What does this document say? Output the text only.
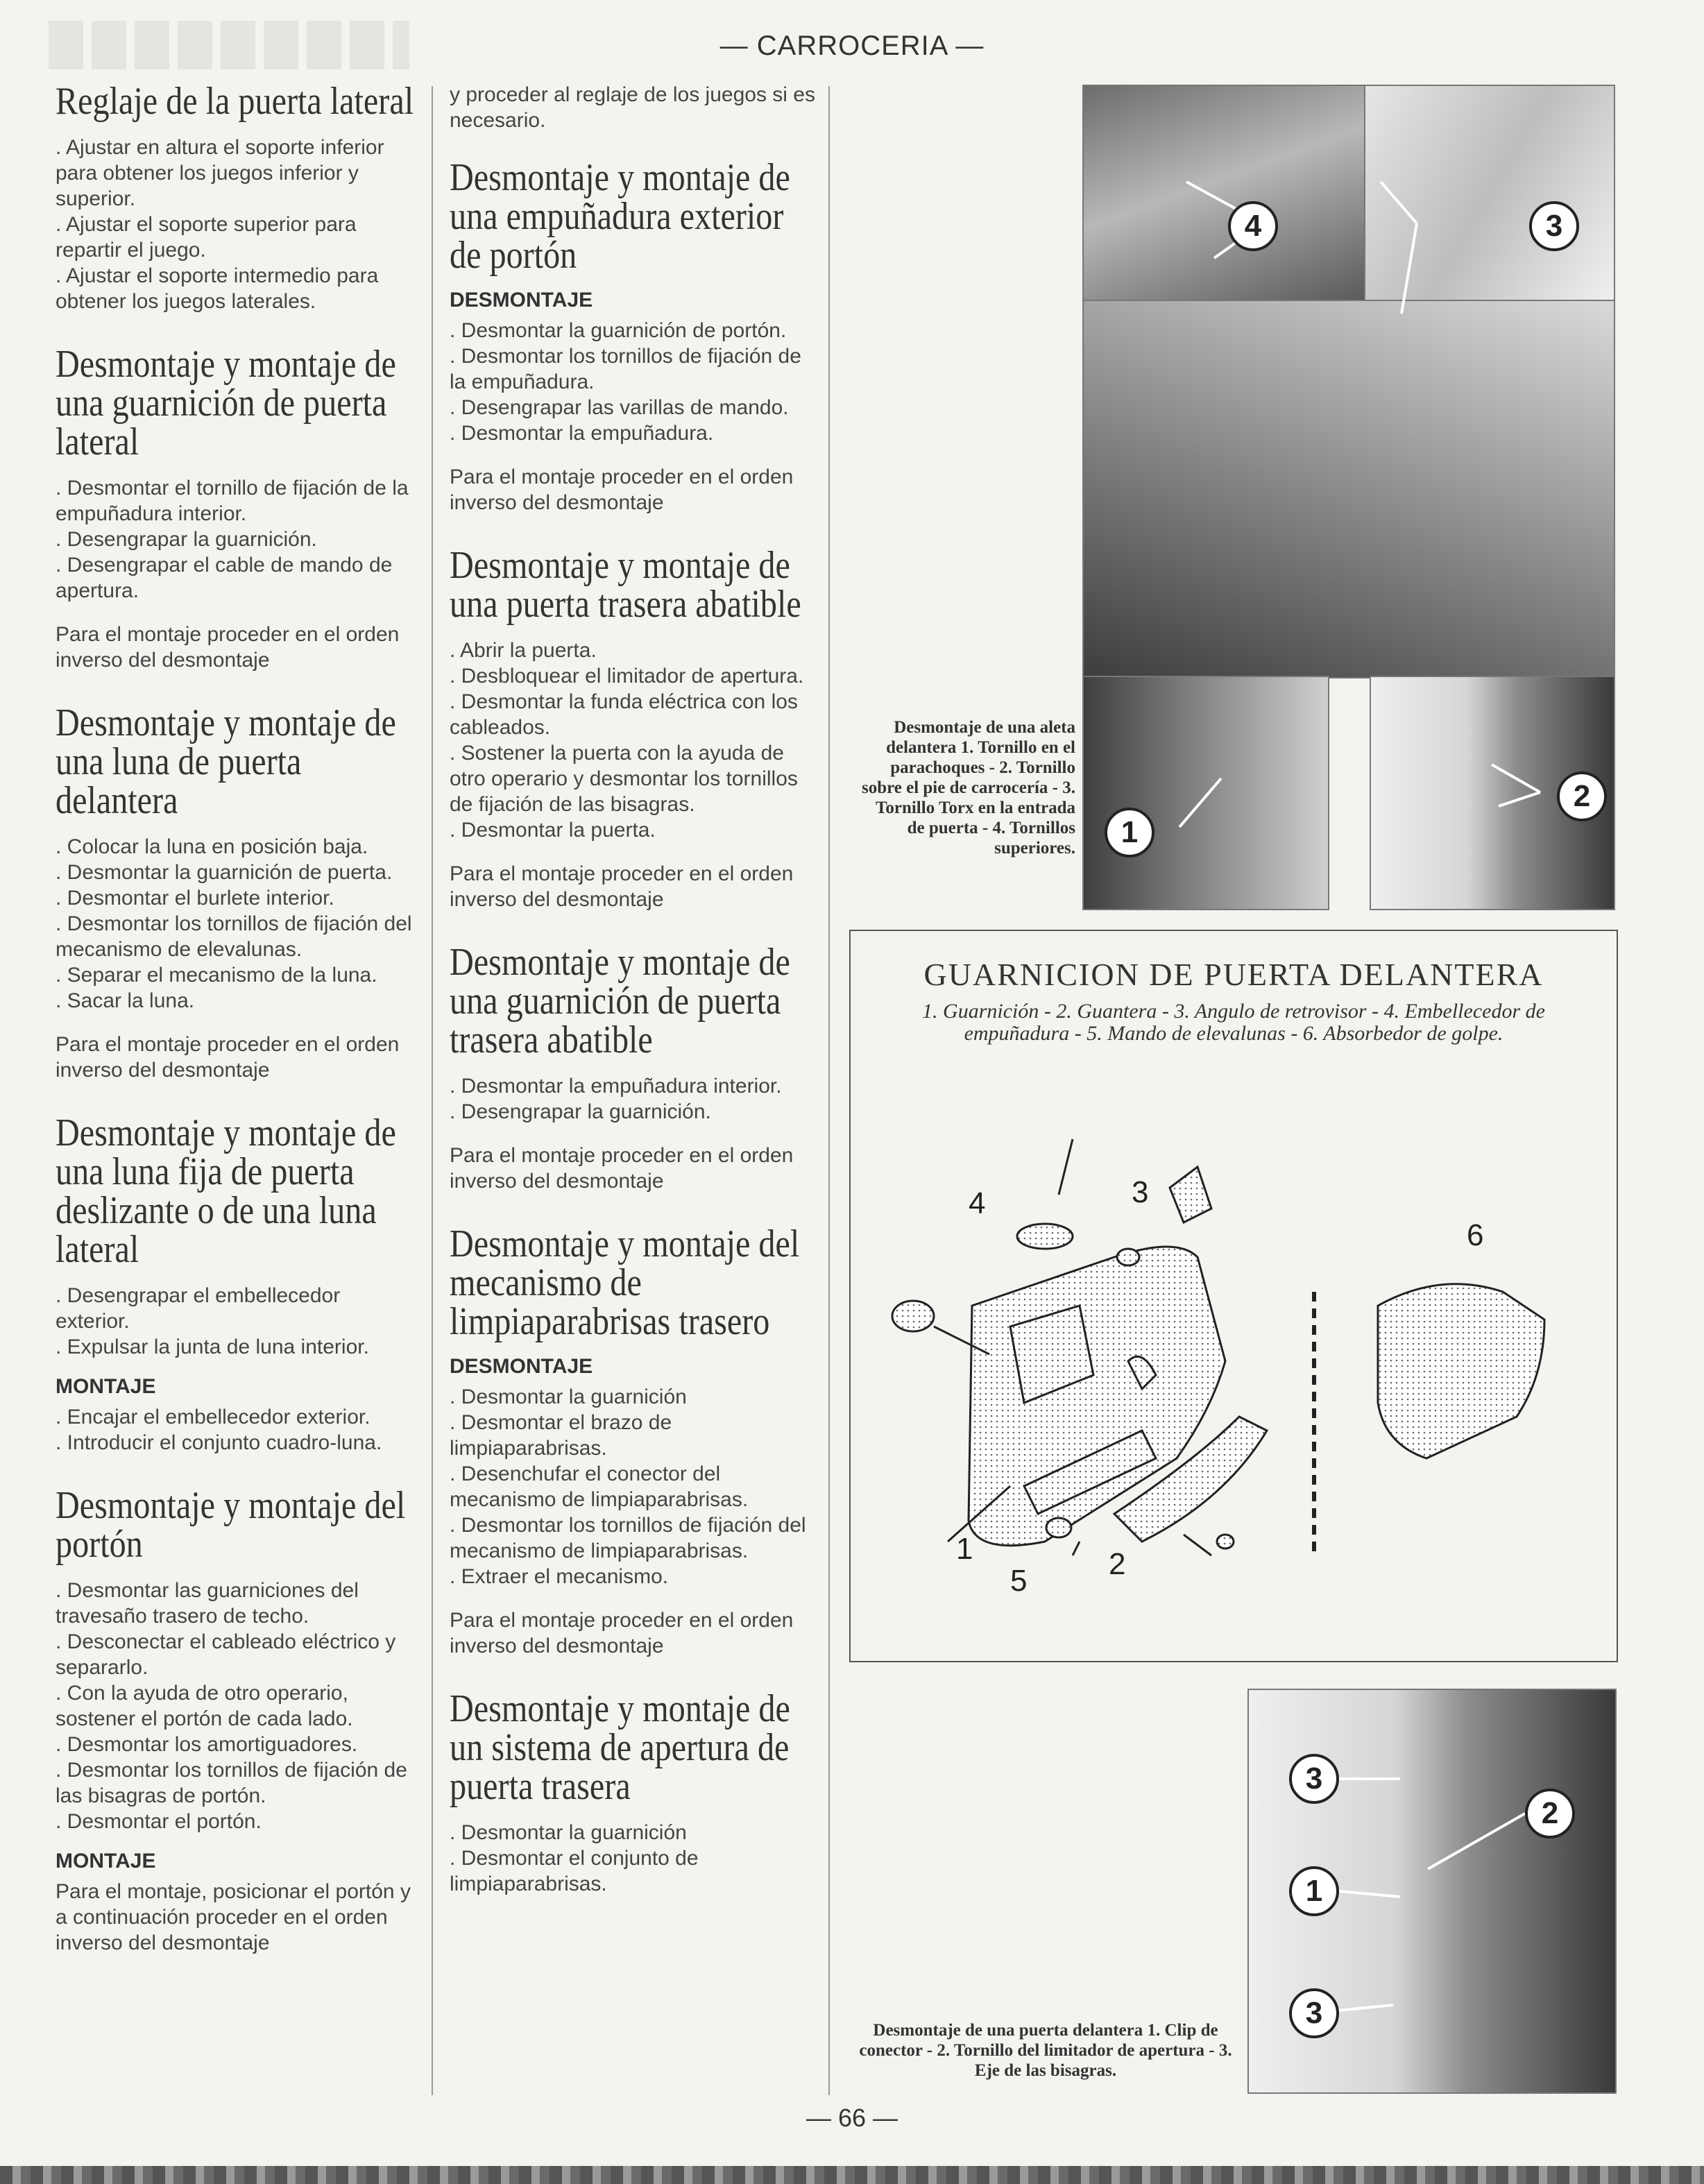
— CARROCERIA —
Reglaje de la puerta lateral

. Ajustar en altura el soporte inferior para obtener los juegos inferior y superior.

. Ajustar el soporte superior para repartir el juego.

. Ajustar el soporte intermedio para obtener los juegos laterales.

Desmontaje y montaje de una guarnición de puerta lateral

. Desmontar el tornillo de fijación de la empuñadura interior.

. Desengrapar la guarnición.

. Desengrapar el cable de mando de apertura.

Para el montaje proceder en el orden inverso del desmontaje

Desmontaje y montaje de una luna de puerta delantera

. Colocar la luna en posición baja.

. Desmontar la guarnición de puerta.

. Desmontar el burlete interior.

. Desmontar los tornillos de fijación del mecanismo de elevalunas.

. Separar el mecanismo de la luna.

. Sacar la luna.

Para el montaje proceder en el orden inverso del desmontaje

Desmontaje y montaje de una luna fija de puerta deslizante o de una luna lateral

. Desengrapar el embellecedor exterior.

. Expulsar la junta de luna interior.

MONTAJE

. Encajar el embellecedor exterior.

. Introducir el conjunto cuadro-luna.

Desmontaje y montaje del portón

. Desmontar las guarniciones del travesaño trasero de techo.

. Desconectar el cableado eléctrico y separarlo.

. Con la ayuda de otro operario, sostener el portón de cada lado.

. Desmontar los amortiguadores.

. Desmontar los tornillos de fijación de las bisagras de portón.

. Desmontar el portón.

MONTAJE

Para el montaje, posicionar el portón y a continuación proceder en el orden inverso del desmontaje

y proceder al reglaje de los juegos si es necesario.

Desmontaje y montaje de una empuñadura exterior de portón

DESMONTAJE

. Desmontar la guarnición de portón.

. Desmontar los tornillos de fijación de la empuñadura.

. Desengrapar las varillas de mando.

. Desmontar la empuñadura.

Para el montaje proceder en el orden inverso del desmontaje

Desmontaje y montaje de una puerta trasera abatible

. Abrir la puerta.

. Desbloquear el limitador de apertura.

. Desmontar la funda eléctrica con los cableados.

. Sostener la puerta con la ayuda de otro operario y desmontar los tornillos de fijación de las bisagras.

. Desmontar la puerta.

Para el montaje proceder en el orden inverso del desmontaje

Desmontaje y montaje de una guarnición de puerta trasera abatible

. Desmontar la empuñadura interior.

. Desengrapar la guarnición.

Para el montaje proceder en el orden inverso del desmontaje

Desmontaje y montaje del mecanismo de limpiaparabrisas trasero

DESMONTAJE

. Desmontar la guarnición

. Desmontar el brazo de limpiaparabrisas.

. Desenchufar el conector del mecanismo de limpiaparabrisas.

. Desmontar los tornillos de fijación del mecanismo de limpiaparabrisas.

. Extraer el mecanismo.

Para el montaje proceder en el orden inverso del desmontaje

Desmontaje y montaje de un sistema de apertura de puerta trasera

. Desmontar la guarnición

. Desmontar el conjunto de limpiaparabrisas.

4	3
1
2
Desmontaje de una aleta delantera 1. Tornillo en el parachoques - 2. Tornillo sobre el pie de carrocería - 3. Tornillo Torx en la entrada de puerta - 4. Tornillos superiores.
GUARNICION DE PUERTA DELANTERA
1. Guarnición - 2. Guantera - 3. Angulo de retrovisor - 4. Embellecedor de empuñadura - 5. Mando de elevalunas - 6. Absorbedor de golpe.
1	2
3
4
5
6
3
2
1
3
Desmontaje de una puerta delantera 1. Clip de conector - 2. Tornillo del limitador de apertura - 3. Eje de las bisagras.
— 66 —
